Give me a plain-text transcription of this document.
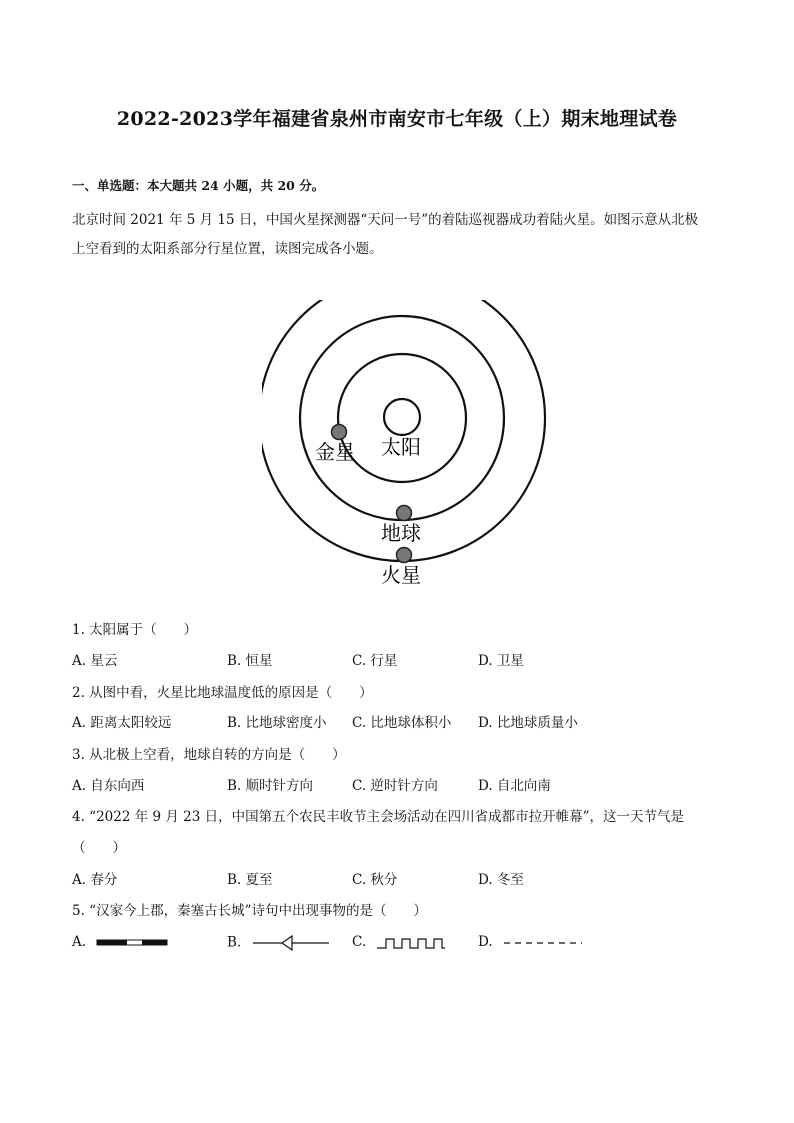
2022-2023学年福建省泉州市南安市七年级（上）期末地理试卷
一、单选题：本大题共 24 小题，共 20 分。
北京时间 2021 年 5 月 15 日，中国火星探测器“天问一号”的着陆巡视器成功着陆火星。如图示意从北极
上空看到的太阳系部分行星位置，读图完成各小题。
太阳
金星
地球
火星
1. 太阳属于（　　）
A. 星云	B. 恒星	C. 行星	D. 卫星
2. 从图中看，火星比地球温度低的原因是（　　）
A. 距离太阳较远	B. 比地球密度小 C. 比地球体积小 D. 比地球质量小
3. 从北极上空看，地球自转的方向是（　　）
A. 自东向西	B. 顺时针方向	C. 逆时针方向	D. 自北向南
4. “2022 年 9 月 23 日，中国第五个农民丰收节主会场活动在四川省成都市拉开帷幕”，这一天节气是
（　　）
A. 春分	B. 夏至	C. 秋分	D. 冬至
5. “汉家今上郡，秦塞古长城”诗句中出现事物的是（　　）
A.	B.	C.	D.
